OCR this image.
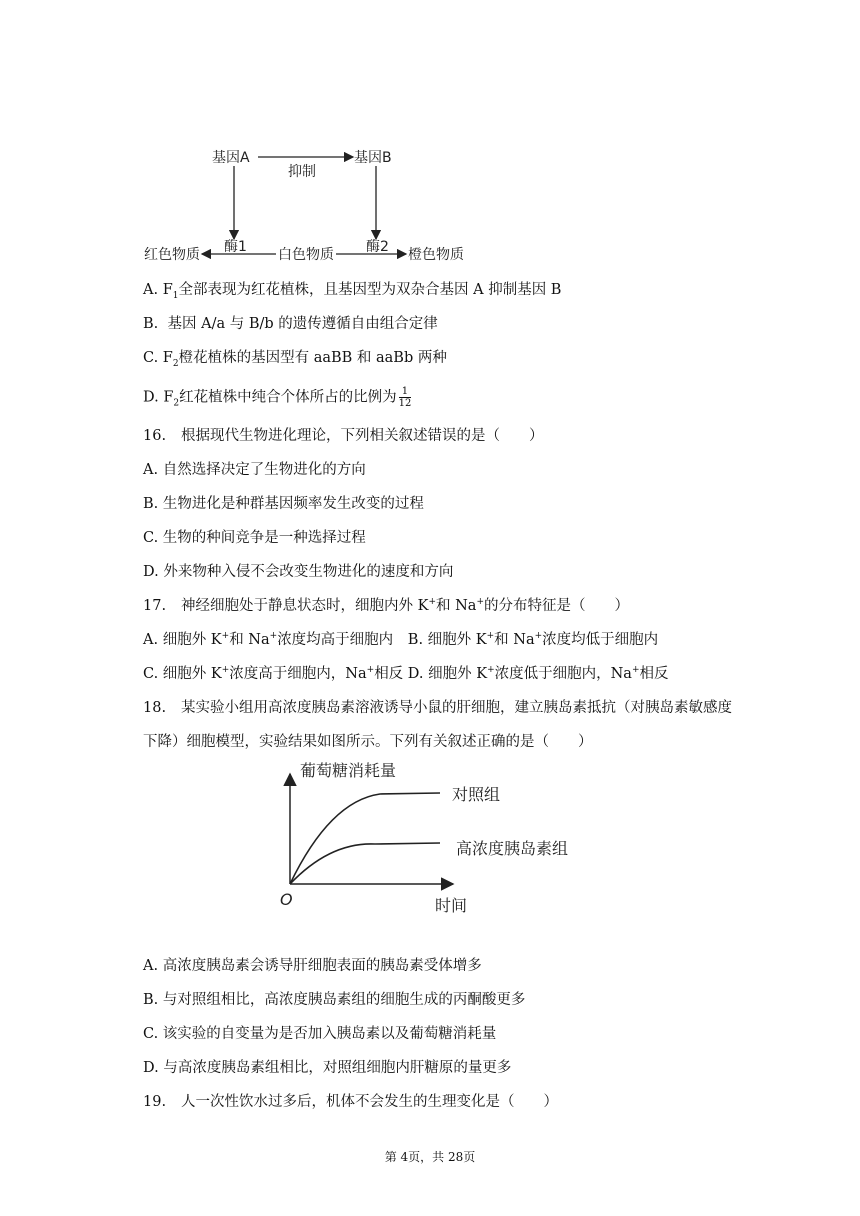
基因A	基因B
抑制
酶1	酶2
红色物质	白色物质	橙色物质
A. $F_1$全部表现为红花植株，且基因型为双杂合基因 A 抑制基因 B
B. 基因 A/a 与 B/b 的遗传遵循自由组合定律
C. $F_2$橙花植株的基因型有 aaBB 和 aaBb 两种
D. $F_2$红花植株中纯合个体所占的比例为 $\frac{1}{12}$
16. 根据现代生物进化理论，下列相关叙述错误的是（　　）
A. 自然选择决定了生物进化的方向
B. 生物进化是种群基因频率发生改变的过程
C. 生物的种间竞争是一种选择过程
D. 外来物种入侵不会改变生物进化的速度和方向
17. 神经细胞处于静息状态时，细胞内外 K+和 Na+的分布特征是（　　）
A. 细胞外 K+和 Na+浓度均高于细胞内 B. 细胞外 K+和 Na+浓度均低于细胞内
C. 细胞外 K+浓度高于细胞内，Na+相反 D. 细胞外 K+浓度低于细胞内，Na+相反
18. 某实验小组用高浓度胰岛素溶液诱导小鼠的肝细胞，建立胰岛素抵抗（对胰岛素敏感度
下降）细胞模型，实验结果如图所示。下列有关叙述正确的是（　　）
葡萄糖消耗量
时间
O
对照组
高浓度胰岛素组
A. 高浓度胰岛素会诱导肝细胞表面的胰岛素受体增多
B. 与对照组相比，高浓度胰岛素组的细胞生成的丙酮酸更多
C. 该实验的自变量为是否加入胰岛素以及葡萄糖消耗量
D. 与高浓度胰岛素组相比，对照组细胞内肝糖原的量更多
19. 人一次性饮水过多后，机体不会发生的生理变化是（　　）
第 4页，共 28页
